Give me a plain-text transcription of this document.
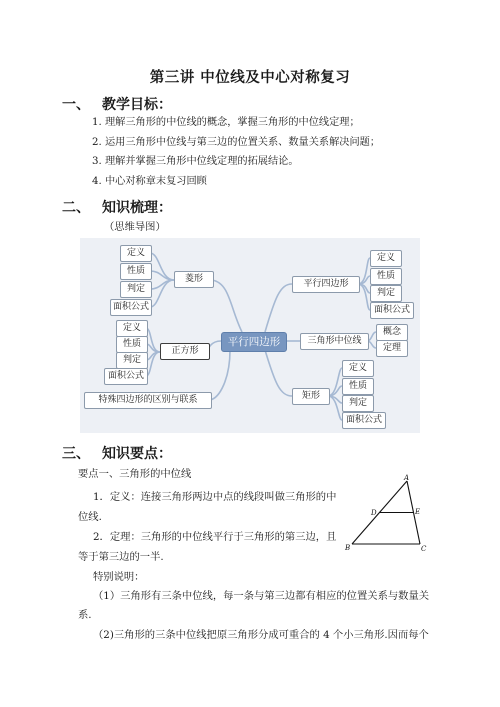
第三讲 中位线及中心对称复习
一、 教学目标：
1. 理解三角形的中位线的概念，掌握三角形的中位线定理；
2. 运用三角形中位线与第三边的位置关系、数量关系解决问题；
3. 理解并掌握三角形中位线定理的拓展结论。
4. 中心对称章末复习回顾
二、 知识梳理：
（思维导图）
平行四边形
菱形
定义
性质
判定
面积公式
正方形
定义
性质
判定
面积公式
特殊四边形的区别与联系
平行四边形
定义
性质
判定
面积公式
三角形中位线
概念
定理
矩形
定义
性质
判定
面积公式
三、 知识要点：
要点一、三角形的中位线
1．定义：连接三角形两边中点的线段叫做三角形的中
位线.
2．定理：三角形的中位线平行于三角形的第三边，且
等于第三边的一半.
特别说明：
（1）三角形有三条中位线，每一条与第三边都有相应的位置关系与数量关
系.
（2)三角形的三条中位线把原三角形分成可重合的 4 个小三角形.因而每个
A
B	C
D	E
